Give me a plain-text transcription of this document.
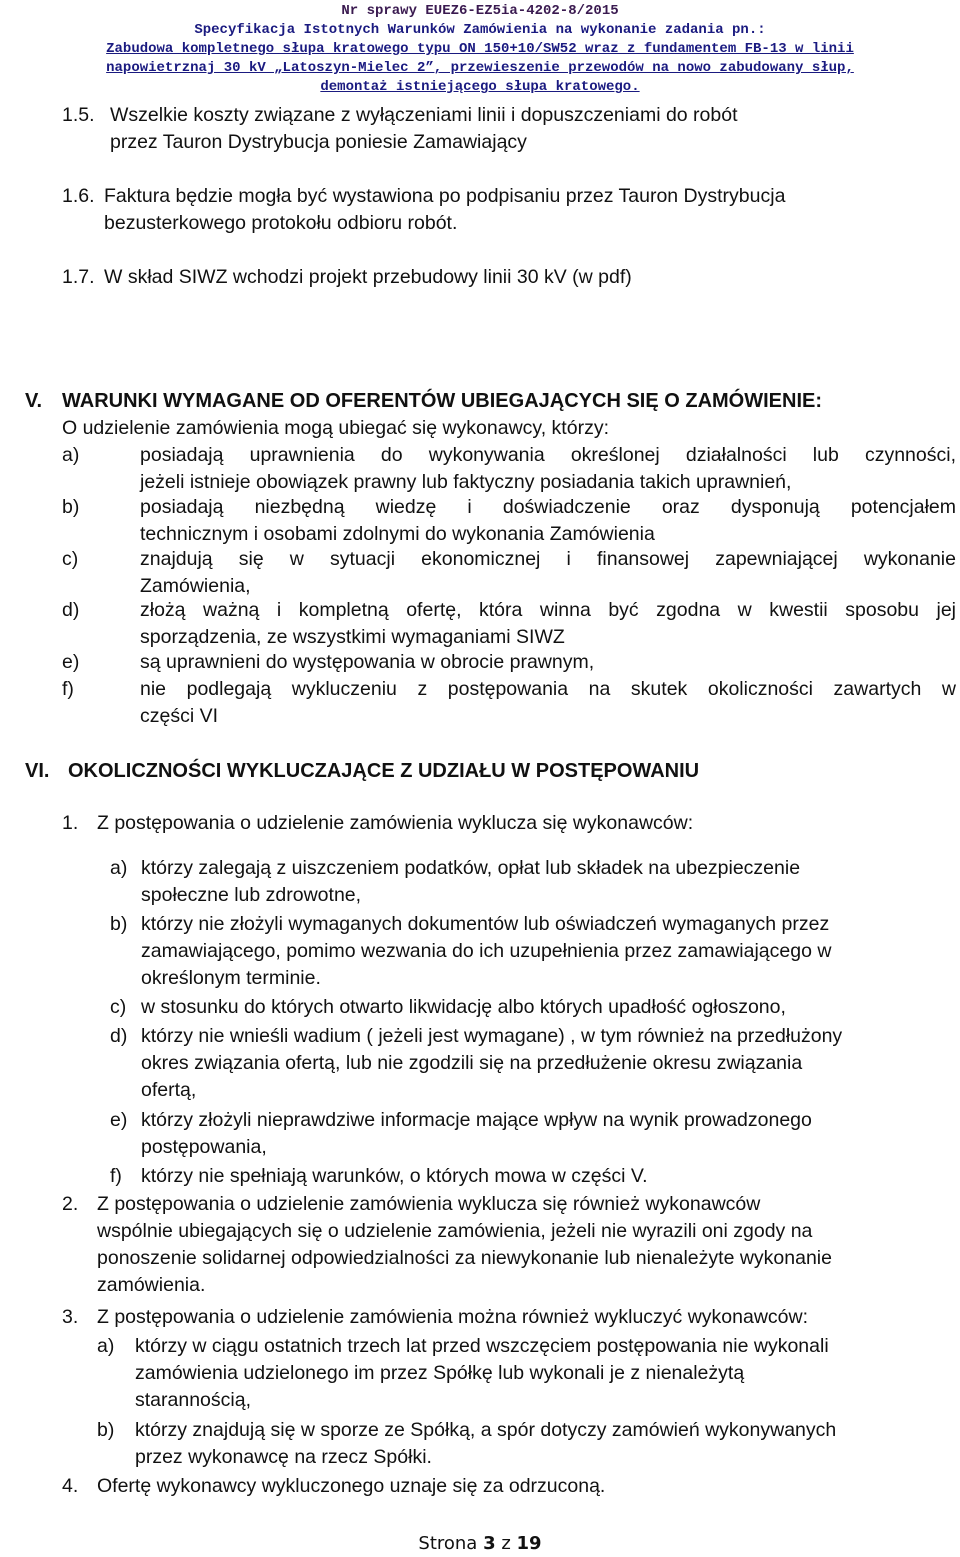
Nr sprawy EUEZ6-EZ5ia-4202-8/2015
Specyfikacja Istotnych Warunków Zamówienia na wykonanie zadania pn.:
Zabudowa kompletnego słupa kratowego typu ON 150+10/SW52 wraz z fundamentem FB-13 w linii
napowietrznaj 30 kV „Latoszyn-Mielec 2”, przewieszenie przewodów na nowo zabudowany słup,
demontaż istniejącego słupa kratowego.
1.5. Wszelkie koszty związane z wyłączeniami linii i dopuszczeniami do robót
przez Tauron Dystrybucja poniesie Zamawiający
1.6. Faktura będzie mogła być wystawiona po podpisaniu przez Tauron Dystrybucja
bezusterkowego protokołu odbioru robót.
1.7. W skład SIWZ wchodzi projekt przebudowy linii 30 kV (w pdf)
V. WARUNKI WYMAGANE OD OFERENTÓW UBIEGAJĄCYCH SIĘ O ZAMÓWIENIE:
O udzielenie zamówienia mogą ubiegać się wykonawcy, którzy:
a)	posiadają uprawnienia do wykonywania określonej działalności lub czynności,
jeżeli istnieje obowiązek prawny lub faktyczny posiadania takich uprawnień,
b)	posiadają niezbędną wiedzę i doświadczenie oraz dysponują potencjałem
technicznym i osobami zdolnymi do wykonania Zamówienia
c)	znajdują się w sytuacji ekonomicznej i finansowej zapewniającej wykonanie
Zamówienia,
d)	złożą ważną i kompletną ofertę, która winna być zgodna w kwestii sposobu jej
sporządzenia, ze wszystkimi wymaganiami SIWZ
e)	są uprawnieni do występowania w obrocie prawnym,
f)	nie podlegają wykluczeniu z postępowania na skutek okoliczności zawartych w
części VI
VI. OKOLICZNOŚCI WYKLUCZAJĄCE Z UDZIAŁU W POSTĘPOWANIU
1. Z postępowania o udzielenie zamówienia wyklucza się wykonawców:
a) którzy zalegają z uiszczeniem podatków, opłat lub składek na ubezpieczenie
społeczne lub zdrowotne,
b) którzy nie złożyli wymaganych dokumentów lub oświadczeń wymaganych przez
zamawiającego, pomimo wezwania do ich uzupełnienia przez zamawiającego w
określonym terminie.
c) w stosunku do których otwarto likwidację albo których upadłość ogłoszono,
d) którzy nie wnieśli wadium ( jeżeli jest wymagane) , w tym również na przedłużony
okres związania ofertą, lub nie zgodzili się na przedłużenie okresu związania
ofertą,
e) którzy złożyli nieprawdziwe informacje mające wpływ na wynik prowadzonego
postępowania,
f) którzy nie spełniają warunków, o których mowa w części V.
2. Z postępowania o udzielenie zamówienia wyklucza się również wykonawców
wspólnie ubiegających się o udzielenie zamówienia, jeżeli nie wyrazili oni zgody na
ponoszenie solidarnej odpowiedzialności za niewykonanie lub nienależyte wykonanie
zamówienia.
3. Z postępowania o udzielenie zamówienia można również wykluczyć wykonawców:
a) którzy w ciągu ostatnich trzech lat przed wszczęciem postępowania nie wykonali
zamówienia udzielonego im przez Spółkę lub wykonali je z nienależytą
starannością,
b) którzy znajdują się w sporze ze Spółką, a spór dotyczy zamówień wykonywanych
przez wykonawcę na rzecz Spółki.
4. Ofertę wykonawcy wykluczonego uznaje się za odrzuconą.
Strona 3 z 19
